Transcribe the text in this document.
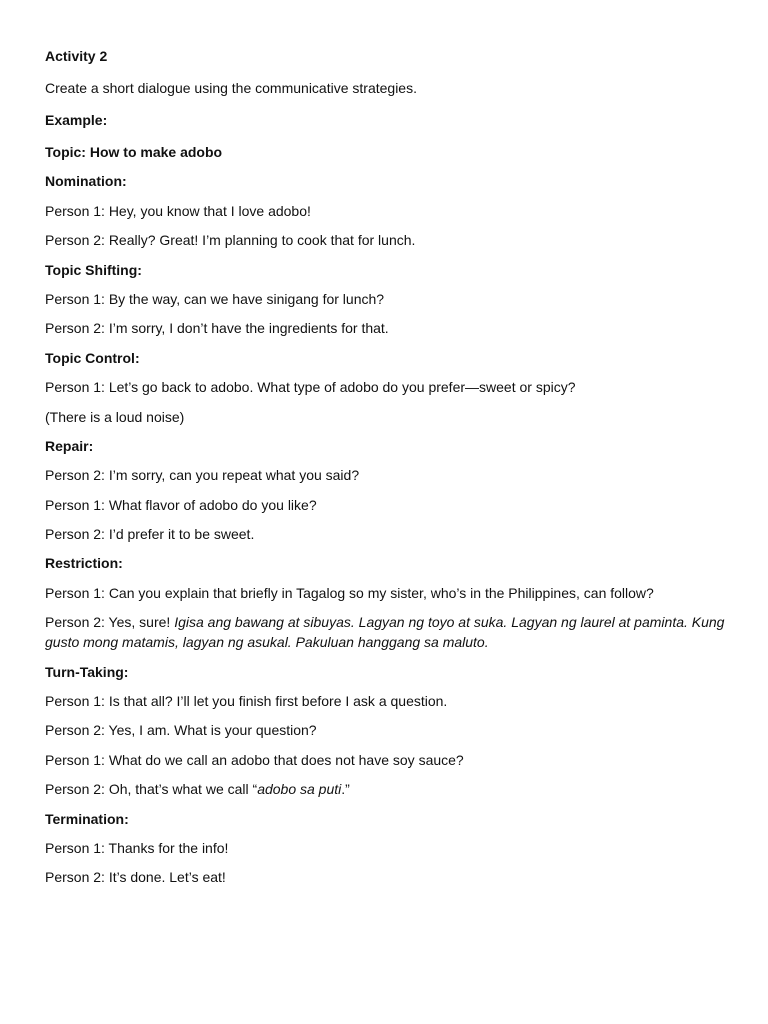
Activity 2

Create a short dialogue using the communicative strategies.

Example:

Topic: How to make adobo

Nomination:

Person 1: Hey, you know that I love adobo!

Person 2: Really? Great! I’m planning to cook that for lunch.

Topic Shifting:

Person 1: By the way, can we have sinigang for lunch?

Person 2: I’m sorry, I don’t have the ingredients for that.

Topic Control:

Person 1: Let’s go back to adobo. What type of adobo do you prefer—sweet or spicy?

(There is a loud noise)

Repair:

Person 2: I’m sorry, can you repeat what you said?

Person 1: What flavor of adobo do you like?

Person 2: I’d prefer it to be sweet.

Restriction:

Person 1: Can you explain that briefly in Tagalog so my sister, who’s in the Philippines, can follow?

Person 2: Yes, sure! Igisa ang bawang at sibuyas. Lagyan ng toyo at suka. Lagyan ng laurel at paminta. Kung gusto mong matamis, lagyan ng asukal. Pakuluan hanggang sa maluto.

Turn-Taking:

Person 1: Is that all? I’ll let you finish first before I ask a question.

Person 2: Yes, I am. What is your question?

Person 1: What do we call an adobo that does not have soy sauce?

Person 2: Oh, that’s what we call “adobo sa puti.”

Termination:

Person 1: Thanks for the info!

Person 2: It’s done. Let’s eat!
